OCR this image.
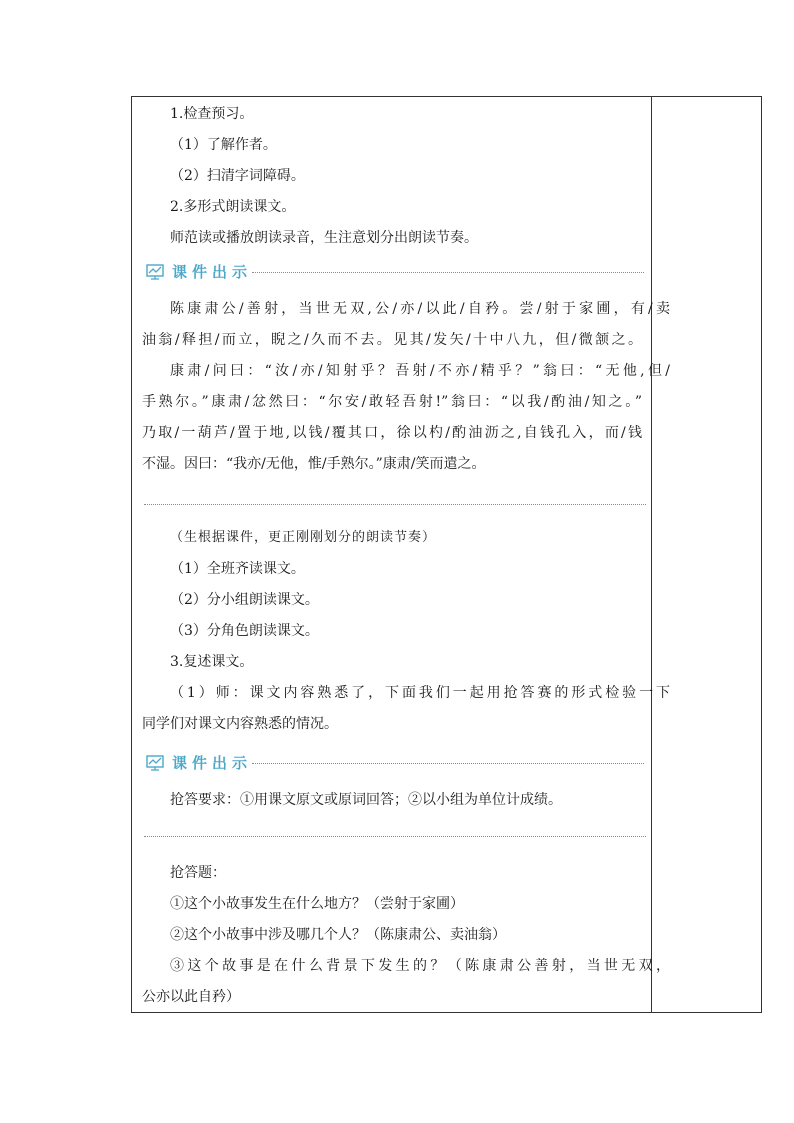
1.检查预习。
（1）了解作者。
（2）扫清字词障碍。
2.多形式朗读课文。
师范读或播放朗读录音，生注意划分出朗读节奏。
课件出示
陈康肃公/善射，当世无双,公/亦/以此/自矜。尝/射于家圃，有/卖
油翁/释担/而立，睨之/久而不去。见其/发矢/十中八九，但/微颔之。
康肃/问曰：“汝/亦/知射乎？吾射/不亦/精乎？”翁曰：“无他,但/
手熟尔。”康肃/忿然曰：“尔安/敢轻吾射!”翁曰：“以我/酌油/知之。”
乃取/一葫芦/置于地,以钱/覆其口，徐以杓/酌油沥之,自钱孔入，而/钱
不湿。因曰：“我亦/无他，惟/手熟尔。”康肃/笑而遣之。
（生根据课件，更正刚刚划分的朗读节奏）
（1）全班齐读课文。
（2）分小组朗读课文。
（3）分角色朗读课文。
3.复述课文。
（1）师：课文内容熟悉了，下面我们一起用抢答赛的形式检验一下
同学们对课文内容熟悉的情况。
课件出示
抢答要求：①用课文原文或原词回答；②以小组为单位计成绩。
抢答题：
①这个小故事发生在什么地方？（尝射于家圃）
②这个小故事中涉及哪几个人？（陈康肃公、卖油翁）
③这个故事是在什么背景下发生的？（陈康肃公善射，当世无双，
公亦以此自矜）
